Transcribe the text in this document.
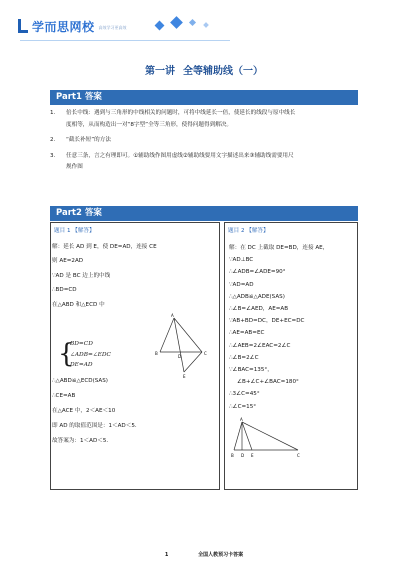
学而思网校 高效学习更高效
第一讲 全等辅助线（一）
Part1 答案
1. 倍长中线：遇到与三角形的中线相关的问题时，可将中线延长一倍，使延长的线段与原中线长
度相等，从而构造出一对“8字型”全等三角形，使得问题得到解决。
2. “截长补短”的方法
3. 任意三条，言之有理即可。①辅助线作图用虚线②辅助线要用文字描述出来③辅助线需要用尺
规作图
Part2 答案
题目 1 【解答】
解：延长 AD 到 E，使 DE=AD，连接 CE
则 AE=2AD
∵AD 是 BC 边上的中线
∴BD=CD
在△ABD 和△ECD 中
{
BD=CD
∠ADB=∠EDC
DE=AD
∴△ABD≌△ECD(SAS)
∴CE=AB
在△ACE 中，2＜AE＜10
即 AD 的取值范围是：1＜AD＜5．
故答案为：1＜AD＜5．
A
B
D
C
E
题目 2 【解答】
解：在 DC 上截取 DE=BD，连接 AE，
∵AD⊥BC
∴∠ADB=∠ADE=90°
∵AD=AD
∴△ADB≌△ADE(SAS)
∴∠B=∠AED，AE=AB
∵AB+BD=DC，DE+EC=DC
∴AE=AB=EC
∴∠AEB=2∠EAC=2∠C
∴∠B=2∠C
∵∠BAC=135°，
∠B+∠C+∠BAC=180°
∴3∠C=45°
∴∠C=15°
A
B D E	C
1	全国人教预习卡答案
